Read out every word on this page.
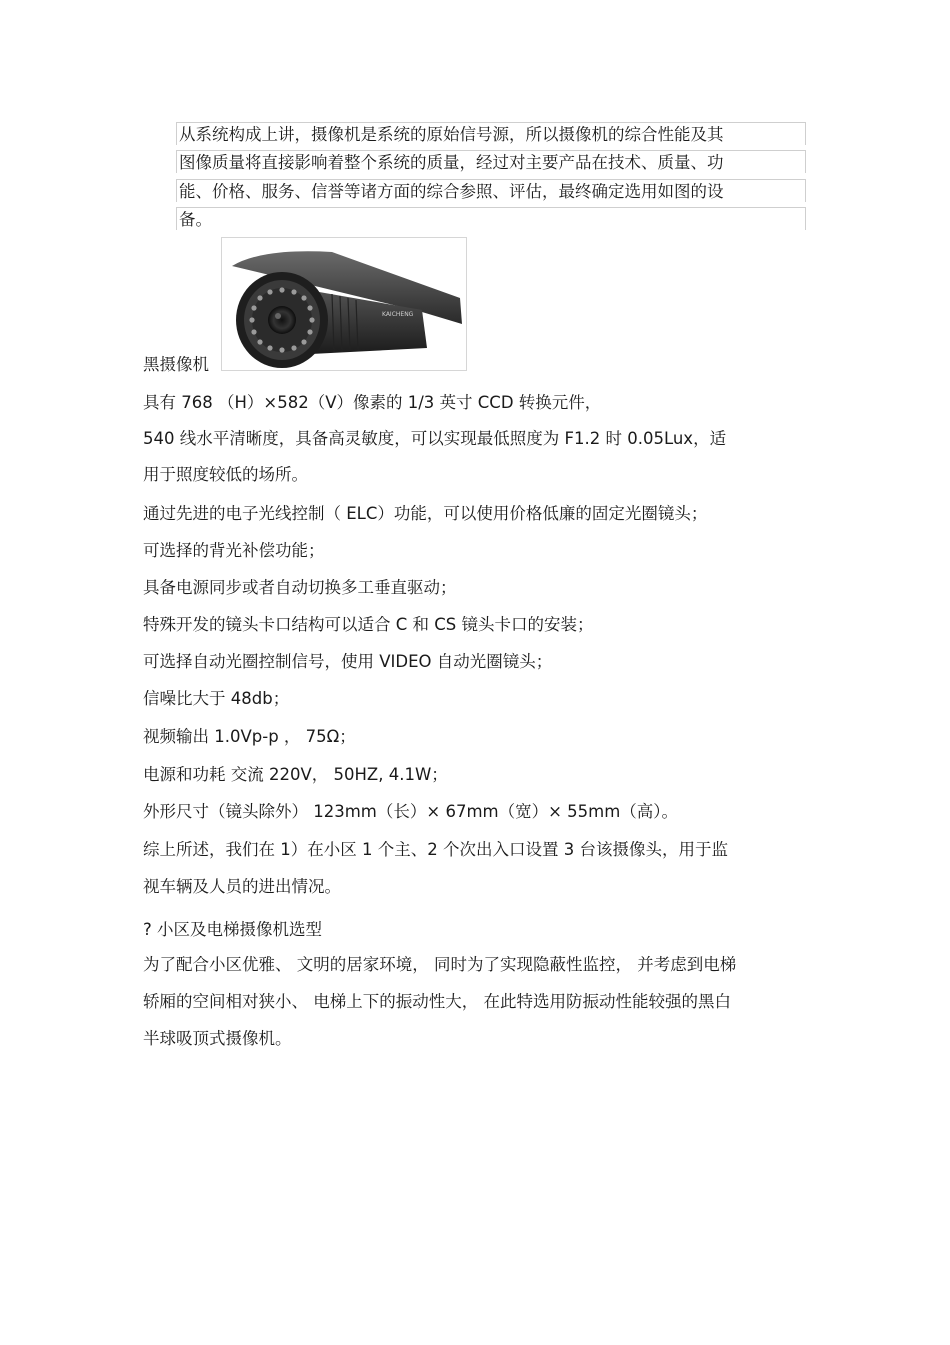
从系统构成上讲，摄像机是系统的原始信号源，所以摄像机的综合性能及其
图像质量将直接影响着整个系统的质量，经过对主要产品在技术、质量、功
能、价格、服务、信誉等诸方面的综合参照、评估，最终确定选用如图的设
备。
黑摄像机
KAICHENG
具有 768 （H）×582（V）像素的 1/3 英寸 CCD 转换元件，
540 线水平清晰度，具备高灵敏度，可以实现最低照度为 F1.2 时 0.05Lux，适
用于照度较低的场所。
通过先进的电子光线控制（ ELC）功能，可以使用价格低廉的固定光圈镜头；
可选择的背光补偿功能；
具备电源同步或者自动切换多工垂直驱动；
特殊开发的镜头卡口结构可以适合 C 和 CS 镜头卡口的安装；
可选择自动光圈控制信号，使用 VIDEO 自动光圈镜头；
信噪比大于 48db；
视频输出 1.0Vp-p ， 75Ω；
电源和功耗 交流 220V， 50HZ, 4.1W；
外形尺寸（镜头除外） 123mm（长）× 67mm（宽）× 55mm（高）。
综上所述，我们在 1）在小区 1 个主、2 个次出入口设置 3 台该摄像头，用于监
视车辆及人员的进出情况。
? 小区及电梯摄像机选型
为了配合小区优雅、 文明的居家环境， 同时为了实现隐蔽性监控， 并考虑到电梯
轿厢的空间相对狭小、 电梯上下的振动性大， 在此特选用防振动性能较强的黑白
半球吸顶式摄像机。
